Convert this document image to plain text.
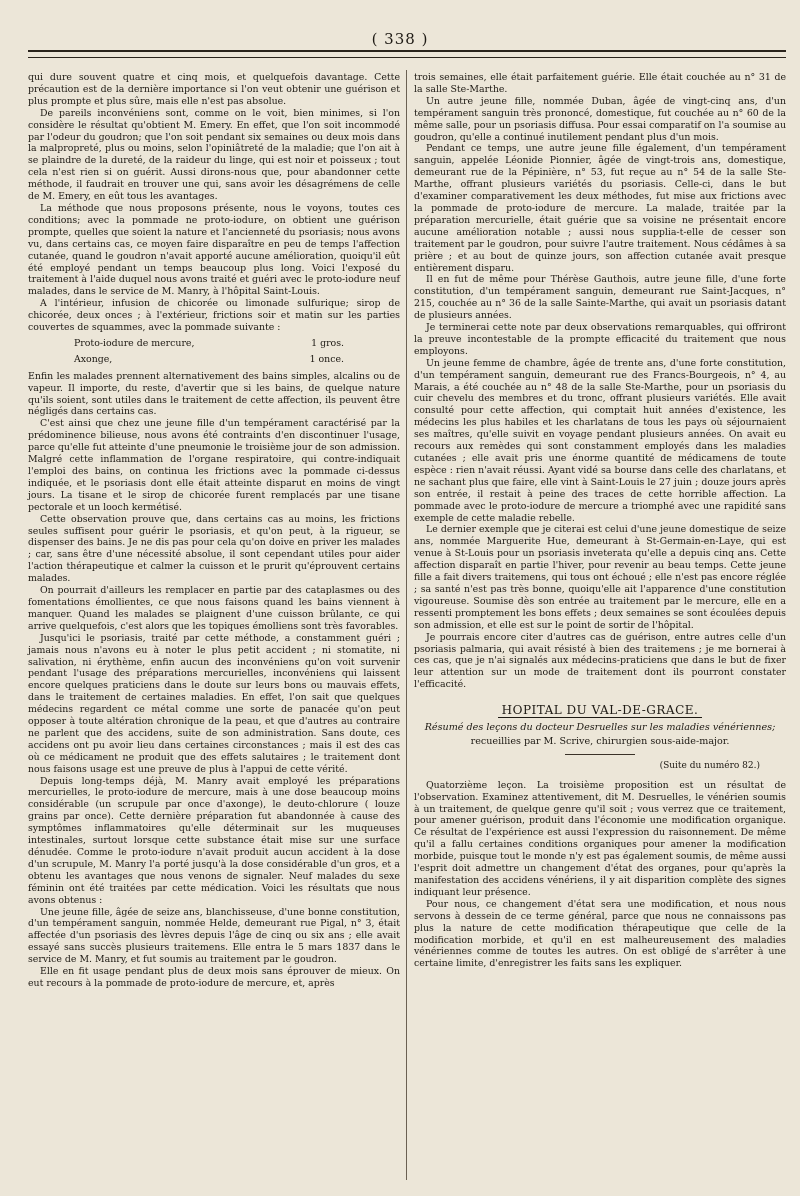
( 338 )

qui dure souvent quatre et cinq mois, et quelquefois davantage. Cette précaution est de la dernière importance si l'on veut obtenir une guérison et plus prompte et plus sûre, mais elle n'est pas absolue.

De pareils inconvéniens sont, comme on le voit, bien minimes, si l'on considère le résultat qu'obtient M. Emery. En effet, que l'on soit incommodé par l'odeur du goudron; que l'on soit pendant six semaines ou deux mois dans la malpropreté, plus ou moins, selon l'opiniâtreté de la maladie; que l'on ait à se plaindre de la dureté, de la raideur du linge, qui est noir et poisseux ; tout cela n'est rien si on guérit. Aussi dirons-nous que, pour abandonner cette méthode, il faudrait en trouver une qui, sans avoir les désagrémens de celle de M. Emery, en eût tous les avantages.

La méthode que nous proposons présente, nous le voyons, toutes ces conditions; avec la pommade ne proto-iodure, on obtient une guérison prompte, quelles que soient la nature et l'ancienneté du psoriasis; nous avons vu, dans certains cas, ce moyen faire disparaître en peu de temps l'affection cutanée, quand le goudron n'avait apporté aucune amélioration, quoiqu'il eût été employé pendant un temps beaucoup plus long. Voici l'exposé du traitement à l'aide duquel nous avons traité et guéri avec le proto-iodure neuf malades, dans le service de M. Manry, à l'hôpital Saint-Louis.

A l'intérieur, infusion de chicorée ou limonade sulfurique; sirop de chicorée, deux onces ; à l'extérieur, frictions soir et matin sur les parties couvertes de squammes, avec la pommade suivante :

Proto-iodure de mercure,	1 gros.
Axonge,	1 once.

Enfin les malades prennent alternativement des bains simples, alcalins ou de vapeur. Il importe, du reste, d'avertir que si les bains, de quelque nature qu'ils soient, sont utiles dans le traitement de cette affection, ils peuvent être négligés dans certains cas.

C'est ainsi que chez une jeune fille d'un tempérament caractérisé par la prédominence bilieuse, nous avons été contraints d'en discontinuer l'usage, parce qu'elle fut atteinte d'une pneumonie le troisième jour de son admission. Malgré cette inflammation de l'organe respiratoire, qui contre-indiquait l'emploi des bains, on continua les frictions avec la pommade ci-dessus indiquée, et le psoriasis dont elle était atteinte disparut en moins de vingt jours. La tisane et le sirop de chicorée furent remplacés par une tisane pectorale et un looch kermétisé.

Cette observation prouve que, dans certains cas au moins, les frictions seules suffisent pour guérir le psoriasis, et qu'on peut, à la rigueur, se dispenser des bains. Je ne dis pas pour cela qu'on doive en priver les malades ; car, sans être d'une nécessité absolue, il sont cependant utiles pour aider l'action thérapeutique et calmer la cuisson et le prurit qu'éprouvent certains malades.

On pourrait d'ailleurs les remplacer en partie par des cataplasmes ou des fomentations émollientes, ce que nous faisons quand les bains viennent à manquer. Quand les malades se plaignent d'une cuisson brûlante, ce qui arrive quelquefois, c'est alors que les topiques émolliens sont très favorables.

Jusqu'ici le psoriasis, traité par cette méthode, a constamment guéri ; jamais nous n'avons eu à noter le plus petit accident ; ni stomatite, ni salivation, ni érythème, enfin aucun des inconvéniens qu'on voit survenir pendant l'usage des préparations mercurielles, inconvéniens qui laissent encore quelques praticiens dans le doute sur leurs bons ou mauvais effets, dans le traitement de certaines maladies. En effet, l'on sait que quelques médecins regardent ce métal comme une sorte de panacée qu'on peut opposer à toute altération chronique de la peau, et que d'autres au contraire ne parlent que des accidens, suite de son administration. Sans doute, ces accidens ont pu avoir lieu dans certaines circonstances ; mais il est des cas où ce médicament ne produit que des effets salutaires ; le traitement dont nous faisons usage est une preuve de plus à l'appui de cette vérité.

Depuis long-temps déjà, M. Manry avait employé les préparations mercurielles, le proto-iodure de mercure, mais à une dose beaucoup moins considérable (un scrupule par once d'axonge), le deuto-chlorure ( louze grains par once). Cette dernière préparation fut abandonnée à cause des symptômes inflammatoires qu'elle déterminait sur les muqueuses intestinales, surtout lorsque cette substance était mise sur une surface dénudée. Comme le proto-iodure n'avait produit aucun accident à la dose d'un scrupule, M. Manry l'a porté jusqu'à la dose considérable d'un gros, et a obtenu les avantages que nous venons de signaler. Neuf malades du sexe féminin ont été traitées par cette médication. Voici les résultats que nous avons obtenus :

Une jeune fille, âgée de seize ans, blanchisseuse, d'une bonne constitution, d'un tempérament sanguin, nommée Helde, demeurant rue Pigal, n° 3, était affectée d'un psoriasis des lèvres depuis l'âge de cinq ou six ans ; elle avait essayé sans succès plusieurs traitemens. Elle entra le 5 mars 1837 dans le service de M. Manry, et fut soumis au traitement par le goudron.

Elle en fit usage pendant plus de deux mois sans éprouver de mieux. On eut recours à la pommade de proto-iodure de mercure, et, après

trois semaines, elle était parfaitement guérie. Elle était couchée au n° 31 de la salle Ste-Marthe.

Un autre jeune fille, nommée Duban, âgée de vingt-cinq ans, d'un tempérament sanguin très prononcé, domestique, fut couchée au n° 60 de la même salle, pour un psoriasis diffusa. Pour essai comparatif on l'a soumise au goudron, qu'elle a continué inutilement pendant plus d'un mois.

Pendant ce temps, une autre jeune fille également, d'un tempérament sanguin, appelée Léonide Pionnier, âgée de vingt-trois ans, domestique, demeurant rue de la Pépinière, n° 53, fut reçue au n° 54 de la salle Ste-Marthe, offrant plusieurs variétés du psoriasis. Celle-ci, dans le but d'examiner comparativement les deux méthodes, fut mise aux frictions avec la pommade de proto-iodure de mercure. La malade, traitée par la préparation mercurielle, était guérie que sa voisine ne présentait encore aucune amélioration notable ; aussi nous supplia-t-elle de cesser son traitement par le goudron, pour suivre l'autre traitement. Nous cédâmes à sa prière ; et au bout de quinze jours, son affection cutanée avait presque entièrement disparu.

Il en fut de même pour Thérèse Gauthois, autre jeune fille, d'une forte constitution, d'un tempérament sanguin, demeurant rue Saint-Jacques, n° 215, couchée au n° 36 de la salle Sainte-Marthe, qui avait un psoriasis datant de plusieurs années.

Je terminerai cette note par deux observations remarquables, qui offriront la preuve incontestable de la prompte efficacité du traitement que nous employons.

Un jeune femme de chambre, âgée de trente ans, d'une forte constitution, d'un tempérament sanguin, demeurant rue des Francs-Bourgeois, n° 4, au Marais, a été couchée au n° 48 de la salle Ste-Marthe, pour un psoriasis du cuir chevelu des membres et du tronc, offrant plusieurs variétés. Elle avait consulté pour cette affection, qui comptait huit années d'existence, les médecins les plus habiles et les charlatans de tous les pays où séjournaient ses maîtres, qu'elle suivit en voyage pendant plusieurs années. On avait eu recours aux remèdes qui sont constamment employés dans les maladies cutanées ; elle avait pris une énorme quantité de médicamens de toute espèce : rien n'avait réussi. Ayant vidé sa bourse dans celle des charlatans, et ne sachant plus que faire, elle vint à Saint-Louis le 27 juin ; douze jours après son entrée, il restait à peine des traces de cette horrible affection. La pommade avec le proto-iodure de mercure a triomphé avec une rapidité sans exemple de cette maladie rebelle.

Le dernier exemple que je citerai est celui d'une jeune domestique de seize ans, nommée Marguerite Hue, demeurant à St-Germain-en-Laye, qui est venue à St-Louis pour un psoriasis inveterata qu'elle a depuis cinq ans. Cette affection disparaît en partie l'hiver, pour revenir au beau temps. Cette jeune fille a fait divers traitemens, qui tous ont échoué ; elle n'est pas encore réglée ; sa santé n'est pas très bonne, quoiqu'elle ait l'apparence d'une constitution vigoureuse. Soumise dès son entrée au traitement par le mercure, elle en a ressenti promptement les bons effets ; deux semaines se sont écoulées depuis son admission, et elle est sur le point de sortir de l'hôpital.

Je pourrais encore citer d'autres cas de guérison, entre autres celle d'un psoriasis palmaria, qui avait résisté à bien des traitemens ; je me bornerai à ces cas, que je n'ai signalés aux médecins-praticiens que dans le but de fixer leur attention sur un mode de traitement dont ils pourront constater l'efficacité.

HOPITAL DU VAL-DE-GRACE.
Résumé des leçons du docteur Desruelles sur les maladies vénériennes;
recueillies par M. Scrive, chirurgien sous-aide-major.
(Suite du numéro 82.)

Quatorzième leçon. La troisième proposition est un résultat de l'observation. Examinez attentivement, dit M. Desruelles, le vénérien soumis à un traitement, de quelque genre qu'il soit ; vous verrez que ce traitement, pour amener guérison, produit dans l'économie une modification organique. Ce résultat de l'expérience est aussi l'expression du raisonnement. De même qu'il a fallu certaines conditions organiques pour amener la modification morbide, puisque tout le monde n'y est pas également soumis, de même aussi l'esprit doit admettre un changement d'état des organes, pour qu'après la manifestation des accidens vénériens, il y ait disparition complète des signes indiquant leur présence.

Pour nous, ce changement d'état sera une modification, et nous nous servons à dessein de ce terme général, parce que nous ne connaissons pas plus la nature de cette modification thérapeutique que celle de la modification morbide, et qu'il en est malheureusement des maladies vénériennes comme de toutes les autres. On est obligé de s'arrêter à une certaine limite, d'enregistrer les faits sans les expliquer.
